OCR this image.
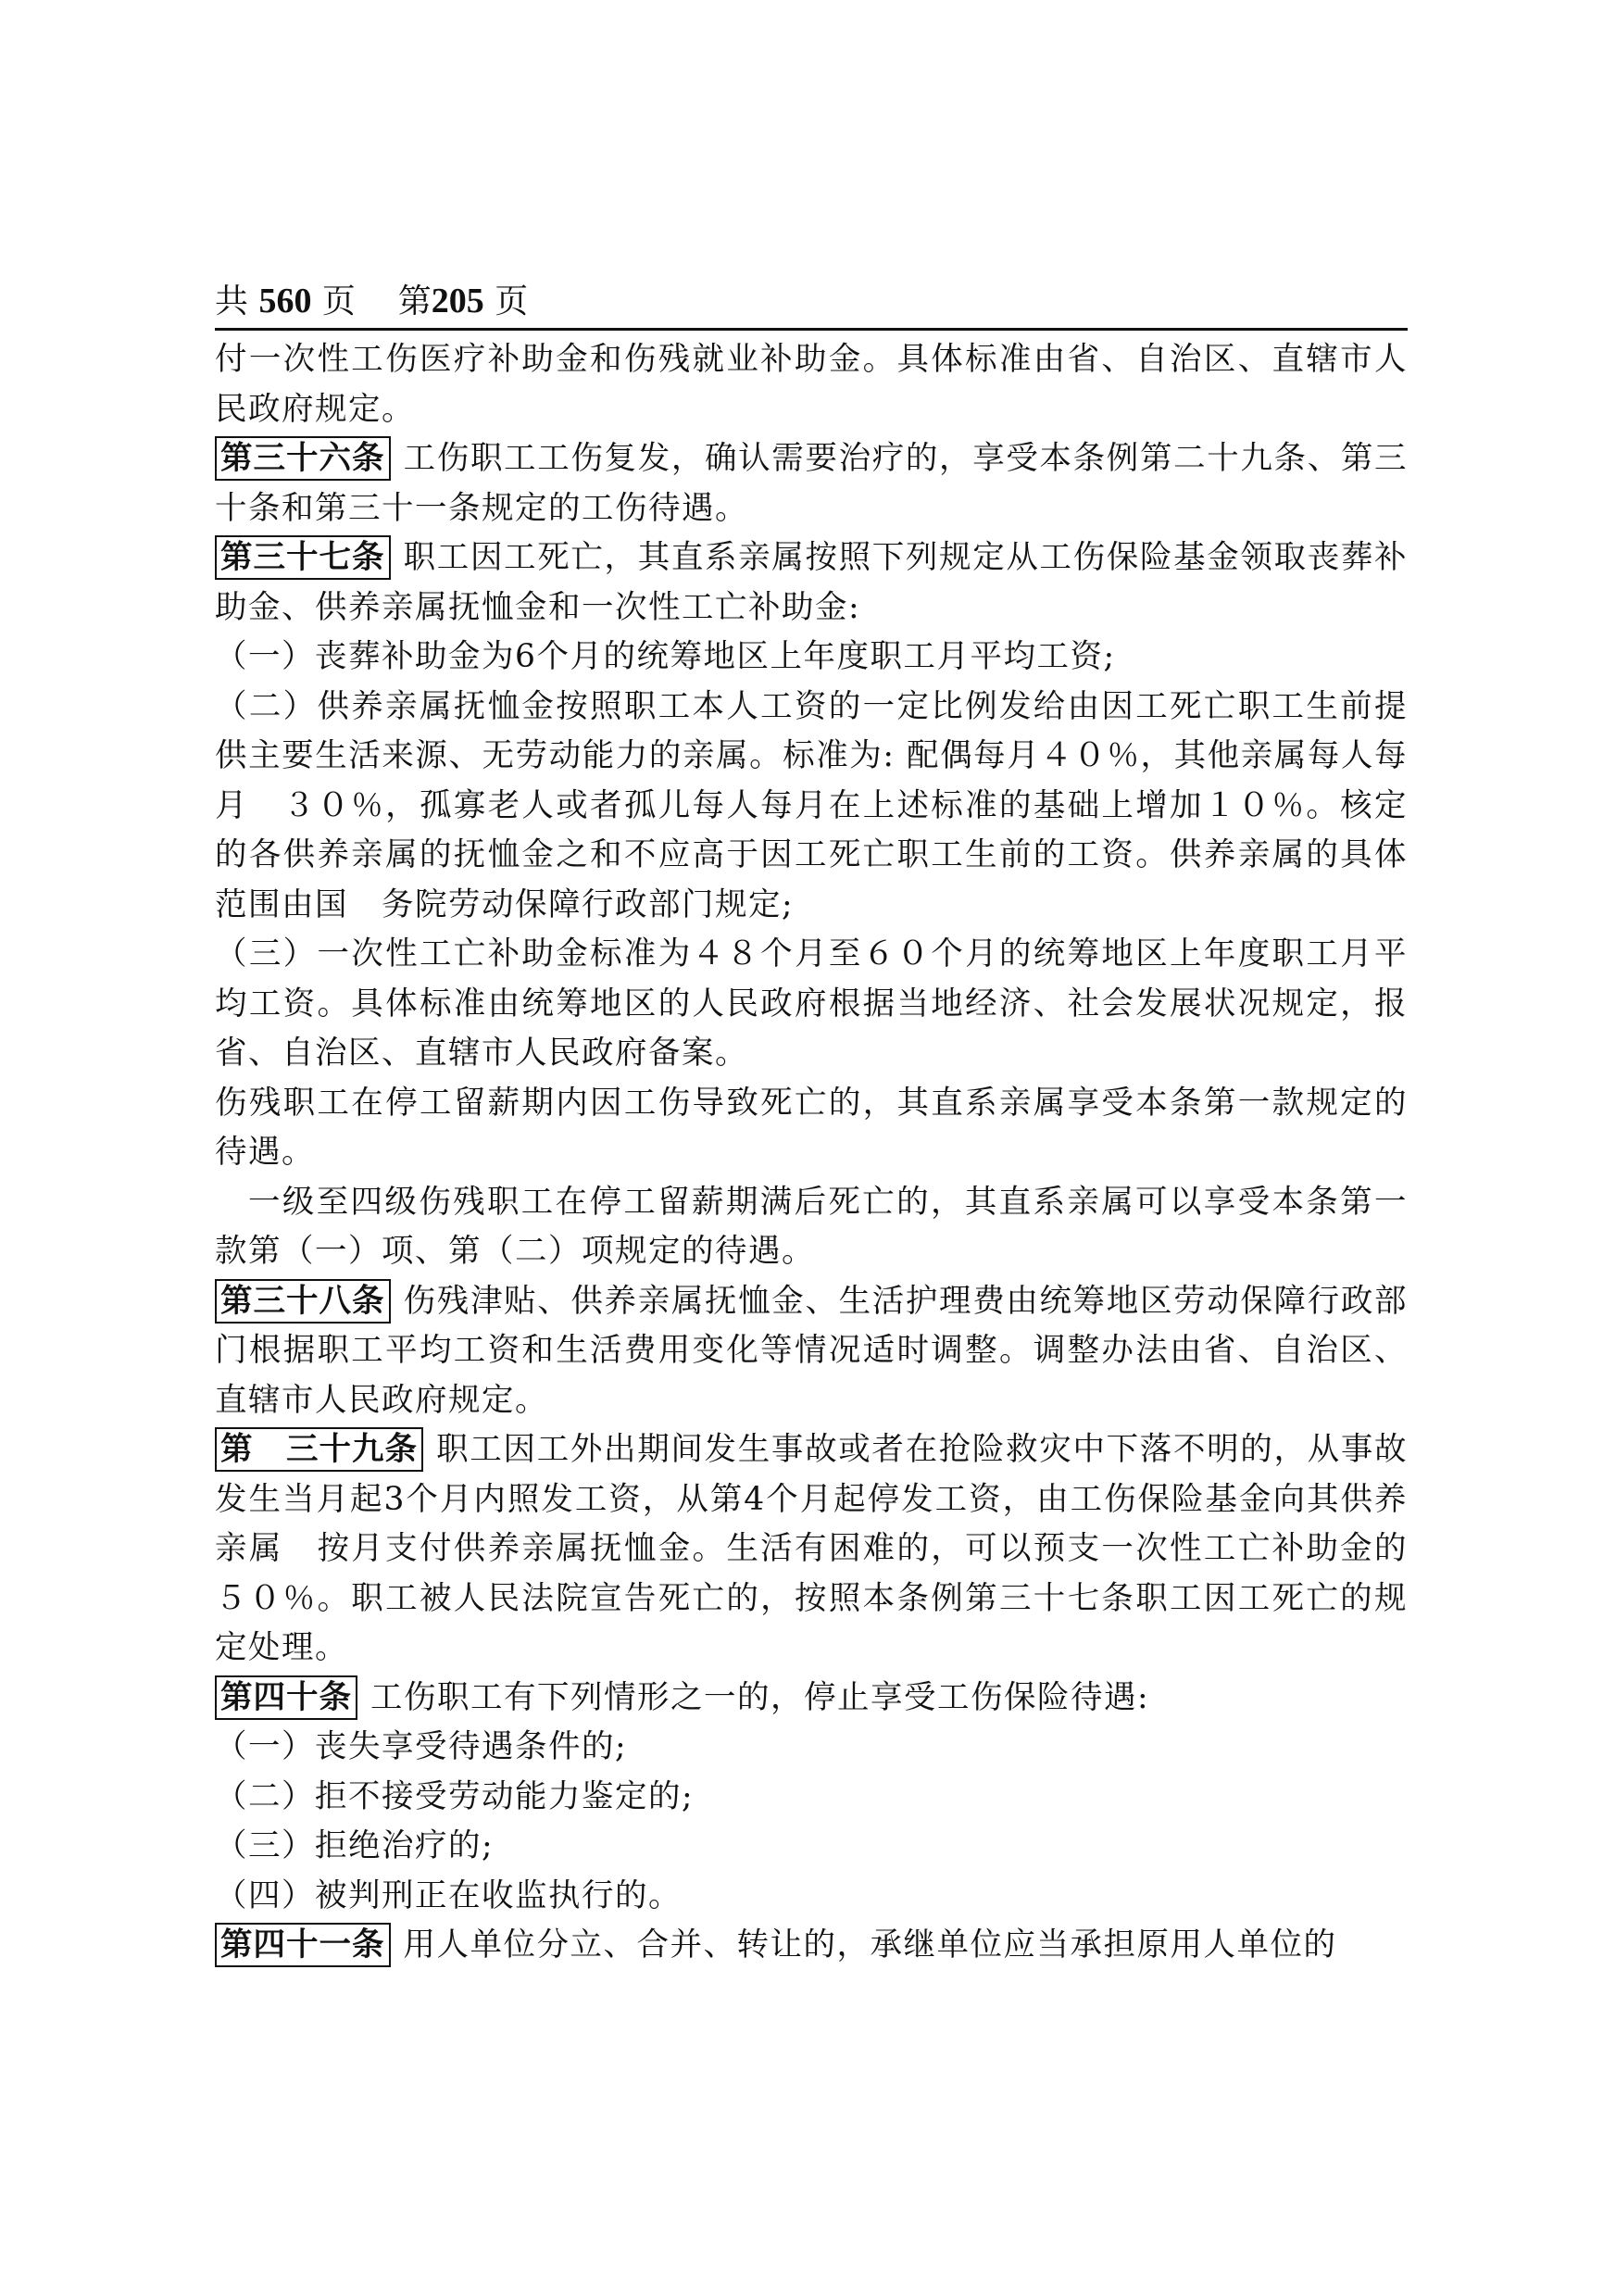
共 560 页 第205 页

付一次性工伤医疗补助金和伤残就业补助金。具体标准由省、自治区、直辖市人民政府规定。

第三十六条 工伤职工工伤复发，确认需要治疗的，享受本条例第二十九条、第三十条和第三十一条规定的工伤待遇。

第三十七条 职工因工死亡，其直系亲属按照下列规定从工伤保险基金领取丧葬补助金、供养亲属抚恤金和一次性工亡补助金:

（一）丧葬补助金为6个月的统筹地区上年度职工月平均工资;

（二）供养亲属抚恤金按照职工本人工资的一定比例发给由因工死亡职工生前提供主要生活来源、无劳动能力的亲属。标准为: 配偶每月４０％，其他亲属每人每月　３０％，孤寡老人或者孤儿每人每月在上述标准的基础上增加１０％。核定的各供养亲属的抚恤金之和不应高于因工死亡职工生前的工资。供养亲属的具体范围由国　务院劳动保障行政部门规定;

（三）一次性工亡补助金标准为４８个月至６０个月的统筹地区上年度职工月平均工资。具体标准由统筹地区的人民政府根据当地经济、社会发展状况规定，报省、自治区、直辖市人民政府备案。

伤残职工在停工留薪期内因工伤导致死亡的，其直系亲属享受本条第一款规定的待遇。

一级至四级伤残职工在停工留薪期满后死亡的，其直系亲属可以享受本条第一款第（一）项、第（二）项规定的待遇。

第三十八条 伤残津贴、供养亲属抚恤金、生活护理费由统筹地区劳动保障行政部门根据职工平均工资和生活费用变化等情况适时调整。调整办法由省、自治区、直辖市人民政府规定。

第　三十九条 职工因工外出期间发生事故或者在抢险救灾中下落不明的，从事故发生当月起3个月内照发工资，从第4个月起停发工资，由工伤保险基金向其供养亲属　按月支付供养亲属抚恤金。生活有困难的，可以预支一次性工亡补助金的５０％。职工被人民法院宣告死亡的，按照本条例第三十七条职工因工死亡的规定处理。

第四十条 工伤职工有下列情形之一的，停止享受工伤保险待遇:

（一）丧失享受待遇条件的;

（二）拒不接受劳动能力鉴定的;

（三）拒绝治疗的;

（四）被判刑正在收监执行的。

第四十一条 用人单位分立、合并、转让的，承继单位应当承担原用人单位的
